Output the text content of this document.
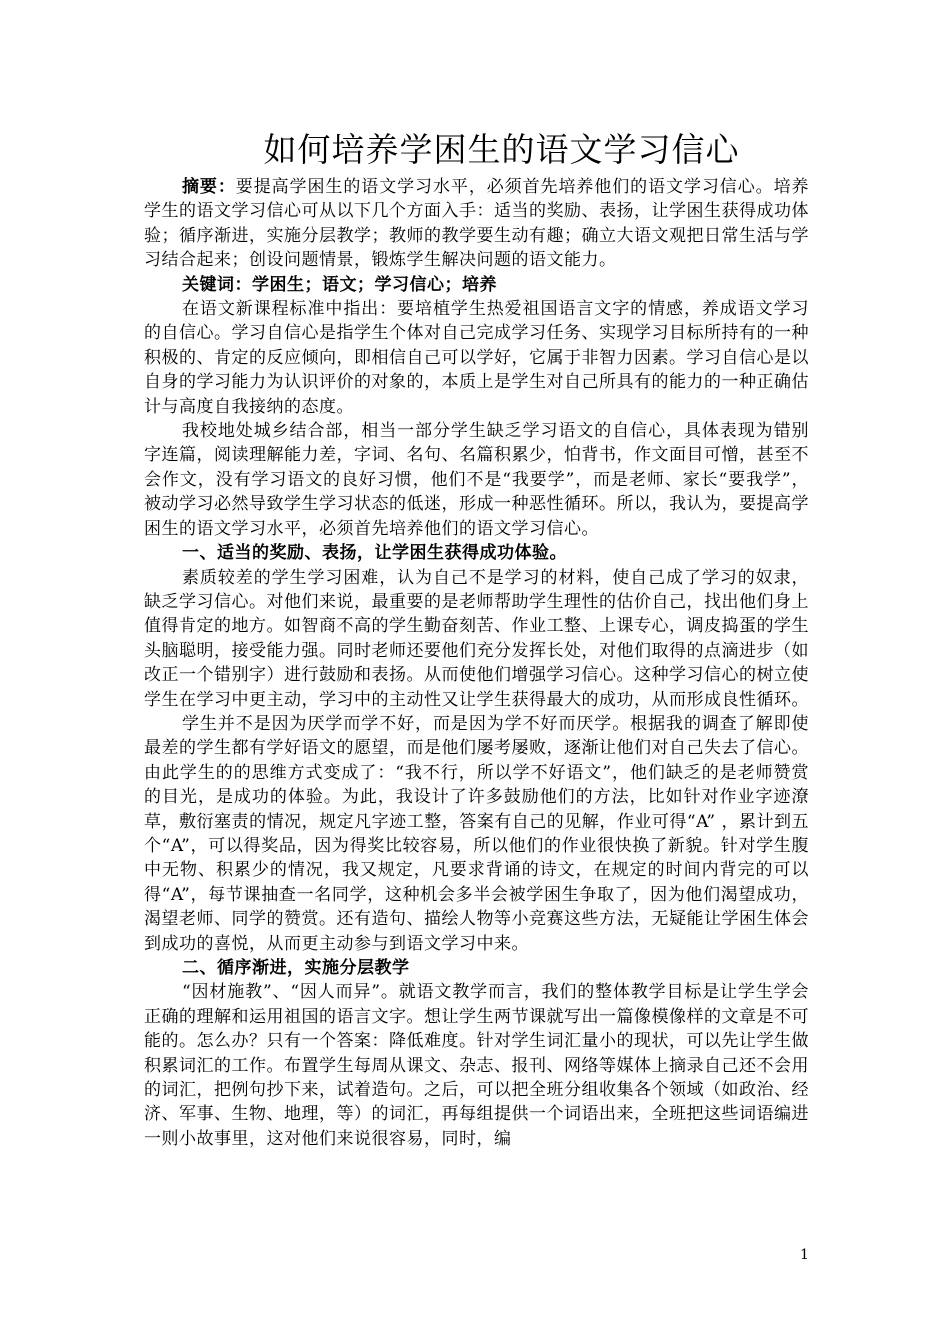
如何培养学困生的语文学习信心

摘要：要提高学困生的语文学习水平，必须首先培养他们的语文学习信心。培养学生的语文学习信心可从以下几个方面入手：适当的奖励、表扬，让学困生获得成功体验；循序渐进，实施分层教学；教师的教学要生动有趣；确立大语文观把日常生活与学习结合起来；创设问题情景，锻炼学生解决问题的语文能力。

关键词：学困生；语文；学习信心；培养

在语文新课程标准中指出：要培植学生热爱祖国语言文字的情感，养成语文学习的自信心。学习自信心是指学生个体对自己完成学习任务、实现学习目标所持有的一种积极的、肯定的反应倾向，即相信自己可以学好，它属于非智力因素。学习自信心是以自身的学习能力为认识评价的对象的，本质上是学生对自己所具有的能力的一种正确估计与高度自我接纳的态度。

我校地处城乡结合部，相当一部分学生缺乏学习语文的自信心，具体表现为错别字连篇，阅读理解能力差，字词、名句、名篇积累少，怕背书，作文面目可憎，甚至不会作文，没有学习语文的良好习惯，他们不是“我要学”，而是老师、家长“要我学”，被动学习必然导致学生学习状态的低迷，形成一种恶性循环。所以，我认为，要提高学困生的语文学习水平，必须首先培养他们的语文学习信心。

一、适当的奖励、表扬，让学困生获得成功体验。

素质较差的学生学习困难，认为自己不是学习的材料，使自己成了学习的奴隶，缺乏学习信心。对他们来说，最重要的是老师帮助学生理性的估价自己，找出他们身上值得肯定的地方。如智商不高的学生勤奋刻苦、作业工整、上课专心，调皮捣蛋的学生头脑聪明，接受能力强。同时老师还要他们充分发挥长处，对他们取得的点滴进步（如改正一个错别字）进行鼓励和表扬。从而使他们增强学习信心。这种学习信心的树立使学生在学习中更主动，学习中的主动性又让学生获得最大的成功，从而形成良性循环。

学生并不是因为厌学而学不好，而是因为学不好而厌学。根据我的调查了解即使最差的学生都有学好语文的愿望，而是他们屡考屡败，逐渐让他们对自己失去了信心。由此学生的的思维方式变成了：“我不行，所以学不好语文”，他们缺乏的是老师赞赏的目光，是成功的体验。为此，我设计了许多鼓励他们的方法，比如针对作业字迹潦草，敷衍塞责的情况，规定凡字迹工整，答案有自己的见解，作业可得“A” ，累计到五个“A”，可以得奖品，因为得奖比较容易，所以他们的作业很快换了新貌。针对学生腹中无物、积累少的情况，我又规定，凡要求背诵的诗文，在规定的时间内背完的可以得“A”，每节课抽查一名同学，这种机会多半会被学困生争取了，因为他们渴望成功，渴望老师、同学的赞赏。还有造句、描绘人物等小竞赛这些方法，无疑能让学困生体会到成功的喜悦，从而更主动参与到语文学习中来。

二、循序渐进，实施分层教学

“因材施教”、“因人而异”。就语文教学而言，我们的整体教学目标是让学生学会正确的理解和运用祖国的语言文字。想让学生两节课就写出一篇像模像样的文章是不可能的。怎么办？只有一个答案：降低难度。针对学生词汇量小的现状，可以先让学生做积累词汇的工作。布置学生每周从课文、杂志、报刊、网络等媒体上摘录自己还不会用的词汇，把例句抄下来，试着造句。之后，可以把全班分组收集各个领域（如政治、经济、军事、生物、地理，等）的词汇，再每组提供一个词语出来，全班把这些词语编进一则小故事里，这对他们来说很容易，同时，编

1
